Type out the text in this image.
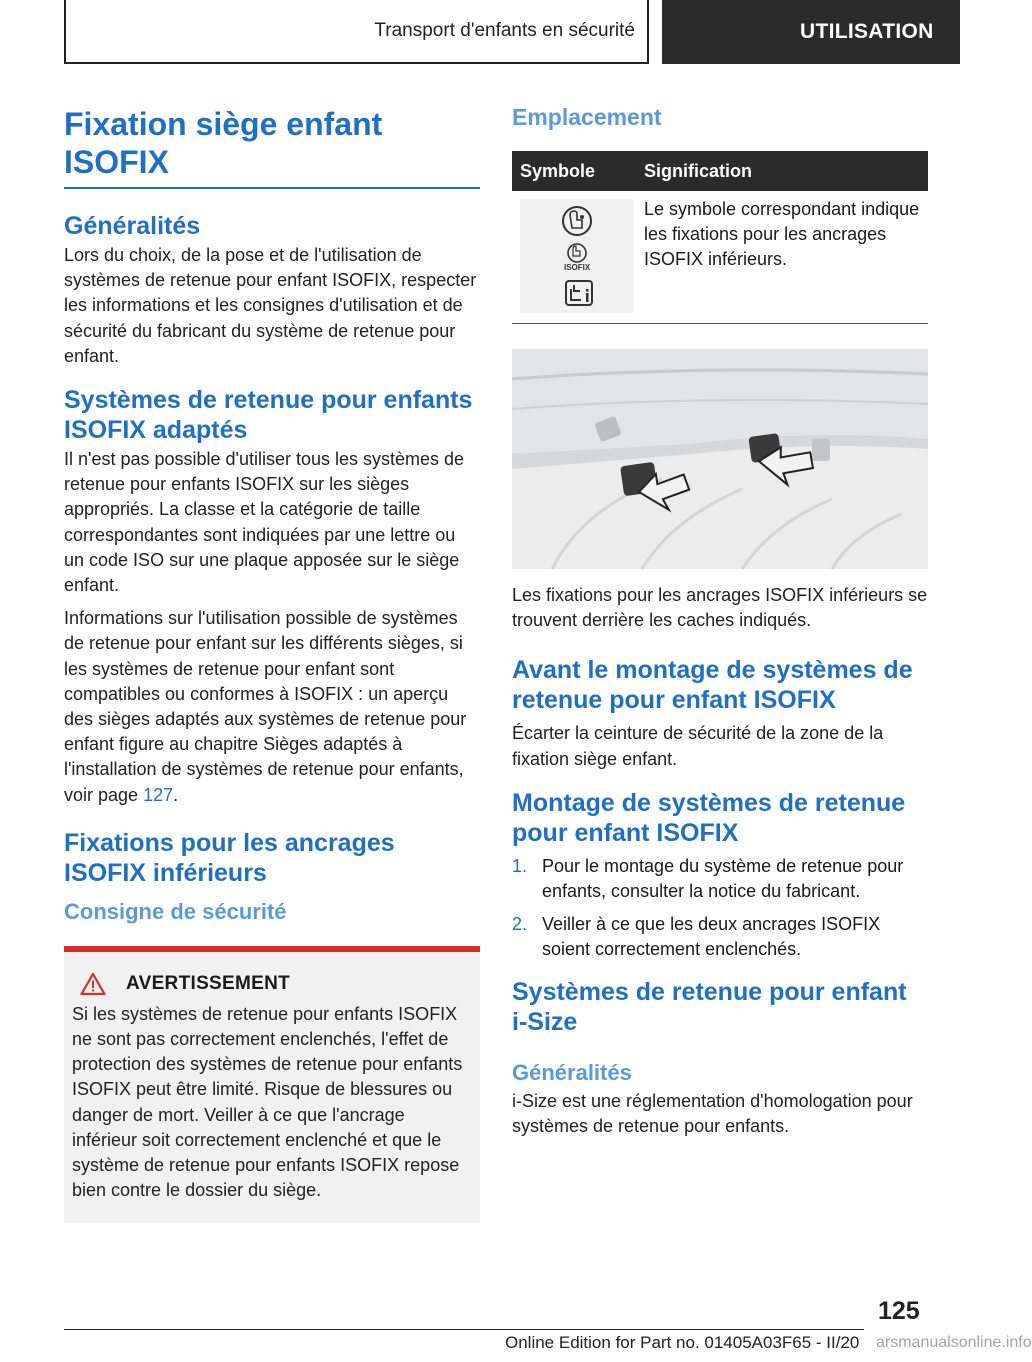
Transport d'enfants en sécurité	UTILISATION
Fixation siège enfant ISOFIX
Généralités

Lors du choix, de la pose et de l'utilisation de systèmes de retenue pour enfant ISOFIX, respecter les informations et les consignes d'utilisation et de sécurité du fabricant du système de retenue pour enfant.

Systèmes de retenue pour enfants ISOFIX adaptés

Il n'est pas possible d'utiliser tous les systèmes de retenue pour enfants ISOFIX sur les sièges appropriés. La classe et la catégorie de taille correspondantes sont indiquées par une lettre ou un code ISO sur une plaque apposée sur le siège enfant.

Informations sur l'utilisation possible de systèmes de retenue pour enfant sur les différents sièges, si les systèmes de retenue pour enfant sont compatibles ou conformes à ISOFIX : un aperçu des sièges adaptés aux systèmes de retenue pour enfant figure au chapitre Sièges adaptés à l'installation de systèmes de retenue pour enfants, voir page 127.

Fixations pour les ancrages ISOFIX inférieurs
Consigne de sécurité
AVERTISSEMENT

Si les systèmes de retenue pour enfants ISOFIX ne sont pas correctement enclenchés, l'effet de protection des systèmes de retenue pour enfants ISOFIX peut être limité. Risque de blessures ou danger de mort. Veiller à ce que l'ancrage inférieur soit correctement enclenché et que le système de retenue pour enfants ISOFIX repose bien contre le dossier du siège.

Emplacement
Symbole	Signification

ISOFIX	Le symbole correspondant indique les fixations pour les ancrages ISOFIX inférieurs.

Les fixations pour les ancrages ISOFIX inférieurs se trouvent derrière les caches indiqués.

Avant le montage de systèmes de retenue pour enfant ISOFIX

Écarter la ceinture de sécurité de la zone de la fixation siège enfant.

Montage de systèmes de retenue pour enfant ISOFIX
1. Pour le montage du système de retenue pour enfants, consulter la notice du fabricant.
2. Veiller à ce que les deux ancrages ISOFIX soient correctement enclenchés.
Systèmes de retenue pour enfant i-Size
Généralités

i-Size est une réglementation d'homologation pour systèmes de retenue pour enfants.

125
Online Edition for Part no. 01405A03F65 - II/20 arsmanualsonline.info
